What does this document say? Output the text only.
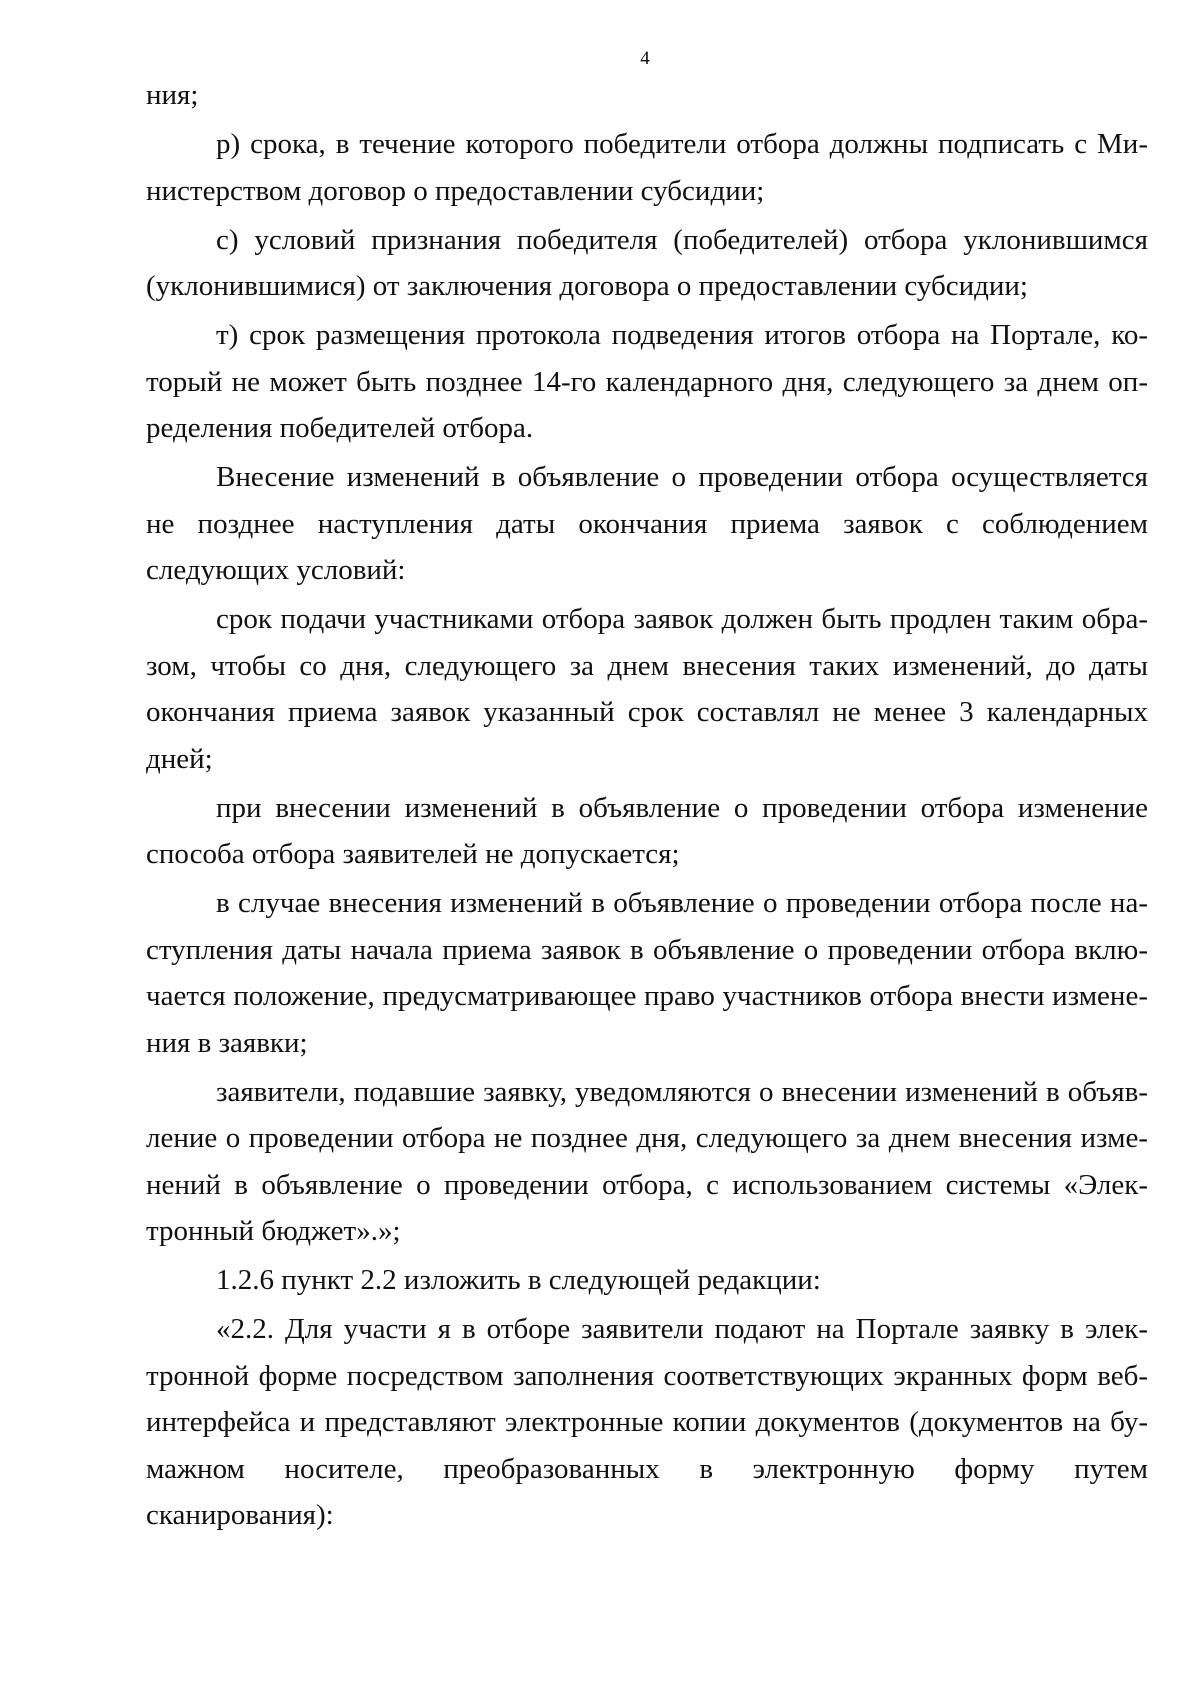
4

ния;

р) срока, в течение которого победители отбора должны подписать с Министерством договор о предоставлении субсидии;

с) условий признания победителя (победителей) отбора уклонившимся (уклонившимися) от заключения договора о предоставлении субсидии;

т) срок размещения протокола подведения итогов отбора на Портале, который не может быть позднее 14-го календарного дня, следующего за днем определения победителей отбора.

Внесение изменений в объявление о проведении отбора осуществляется не позднее наступления даты окончания приема заявок с соблюдением следующих условий:

срок подачи участниками отбора заявок должен быть продлен таким образом, чтобы со дня, следующего за днем внесения таких изменений, до даты окончания приема заявок указанный срок составлял не менее 3 календарных дней;

при внесении изменений в объявление о проведении отбора изменение способа отбора заявителей не допускается;

в случае внесения изменений в объявление о проведении отбора после наступления даты начала приема заявок в объявление о проведении отбора включается положение, предусматривающее право участников отбора внести изменения в заявки;

заявители, подавшие заявку, уведомляются о внесении изменений в объявление о проведении отбора не позднее дня, следующего за днем внесения изменений в объявление о проведении отбора, с использованием системы «Электронный бюджет».»;

1.2.6 пункт 2.2 изложить в следующей редакции:

«2.2. Для участи я в отборе заявители подают на Портале заявку в электронной форме посредством заполнения соответствующих экранных форм веб-интерфейса и представляют электронные копии документов (документов на бумажном носителе, преобразованных в электронную форму путем сканирования):
